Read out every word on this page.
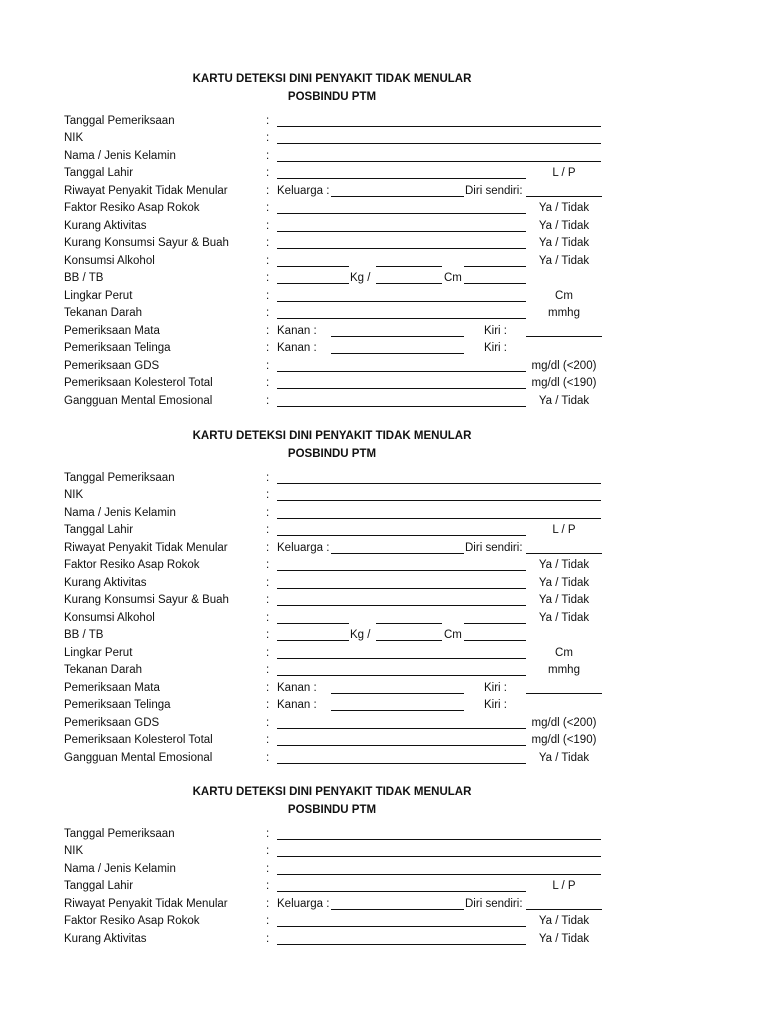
KARTU DETEKSI DINI PENYAKIT TIDAK MENULAR
POSBINDU PTM
Tanggal Pemeriksaan	:
NIK	:
Nama / Jenis Kelamin	:
Tanggal Lahir	:	L / P
Riwayat Penyakit Tidak Menular	: Keluarga :	Diri sendiri:
Faktor Resiko Asap Rokok	:	Ya / Tidak
Kurang Aktivitas	:	Ya / Tidak
Kurang Konsumsi Sayur & Buah	:	Ya / Tidak
Konsumsi Alkohol	:	Ya / Tidak
BB / TB	:	Kg /	Cm
Lingkar Perut	:	Cm
Tekanan Darah	:	mmhg
Pemeriksaan Mata	: Kanan :	Kiri :
Pemeriksaan Telinga	: Kanan :	Kiri :
Pemeriksaan GDS	:	mg/dl (<200)
Pemeriksaan Kolesterol Total	:	mg/dl (<190)
Gangguan Mental Emosional	:	Ya / Tidak
KARTU DETEKSI DINI PENYAKIT TIDAK MENULAR
POSBINDU PTM
Tanggal Pemeriksaan	:
NIK	:
Nama / Jenis Kelamin	:
Tanggal Lahir	:	L / P
Riwayat Penyakit Tidak Menular	: Keluarga :	Diri sendiri:
Faktor Resiko Asap Rokok	:	Ya / Tidak
Kurang Aktivitas	:	Ya / Tidak
Kurang Konsumsi Sayur & Buah	:	Ya / Tidak
Konsumsi Alkohol	:	Ya / Tidak
BB / TB	:	Kg /	Cm
Lingkar Perut	:	Cm
Tekanan Darah	:	mmhg
Pemeriksaan Mata	: Kanan :	Kiri :
Pemeriksaan Telinga	: Kanan :	Kiri :
Pemeriksaan GDS	:	mg/dl (<200)
Pemeriksaan Kolesterol Total	:	mg/dl (<190)
Gangguan Mental Emosional	:	Ya / Tidak
KARTU DETEKSI DINI PENYAKIT TIDAK MENULAR
POSBINDU PTM
Tanggal Pemeriksaan	:
NIK	:
Nama / Jenis Kelamin	:
Tanggal Lahir	:	L / P
Riwayat Penyakit Tidak Menular	: Keluarga :	Diri sendiri:
Faktor Resiko Asap Rokok	:	Ya / Tidak
Kurang Aktivitas	:	Ya / Tidak
